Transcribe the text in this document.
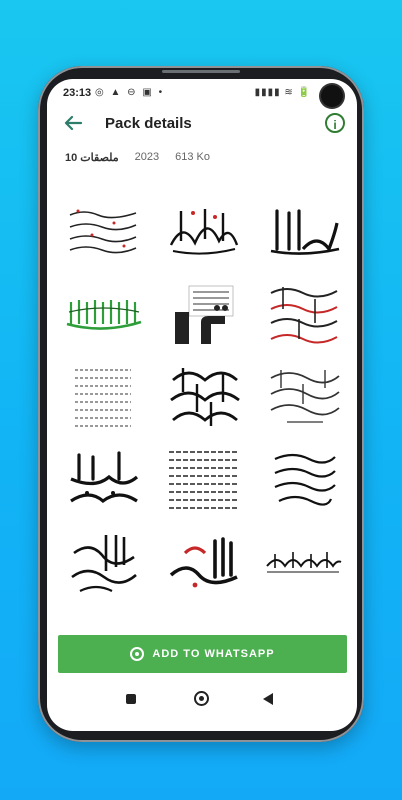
23:13 ◎ ▲ ⊖ ▣ •	▮▮▮▮ ≋ 🔋
Pack details	i
10 ملصقات 2023 613 Ko
ADD TO WHATSAPP
